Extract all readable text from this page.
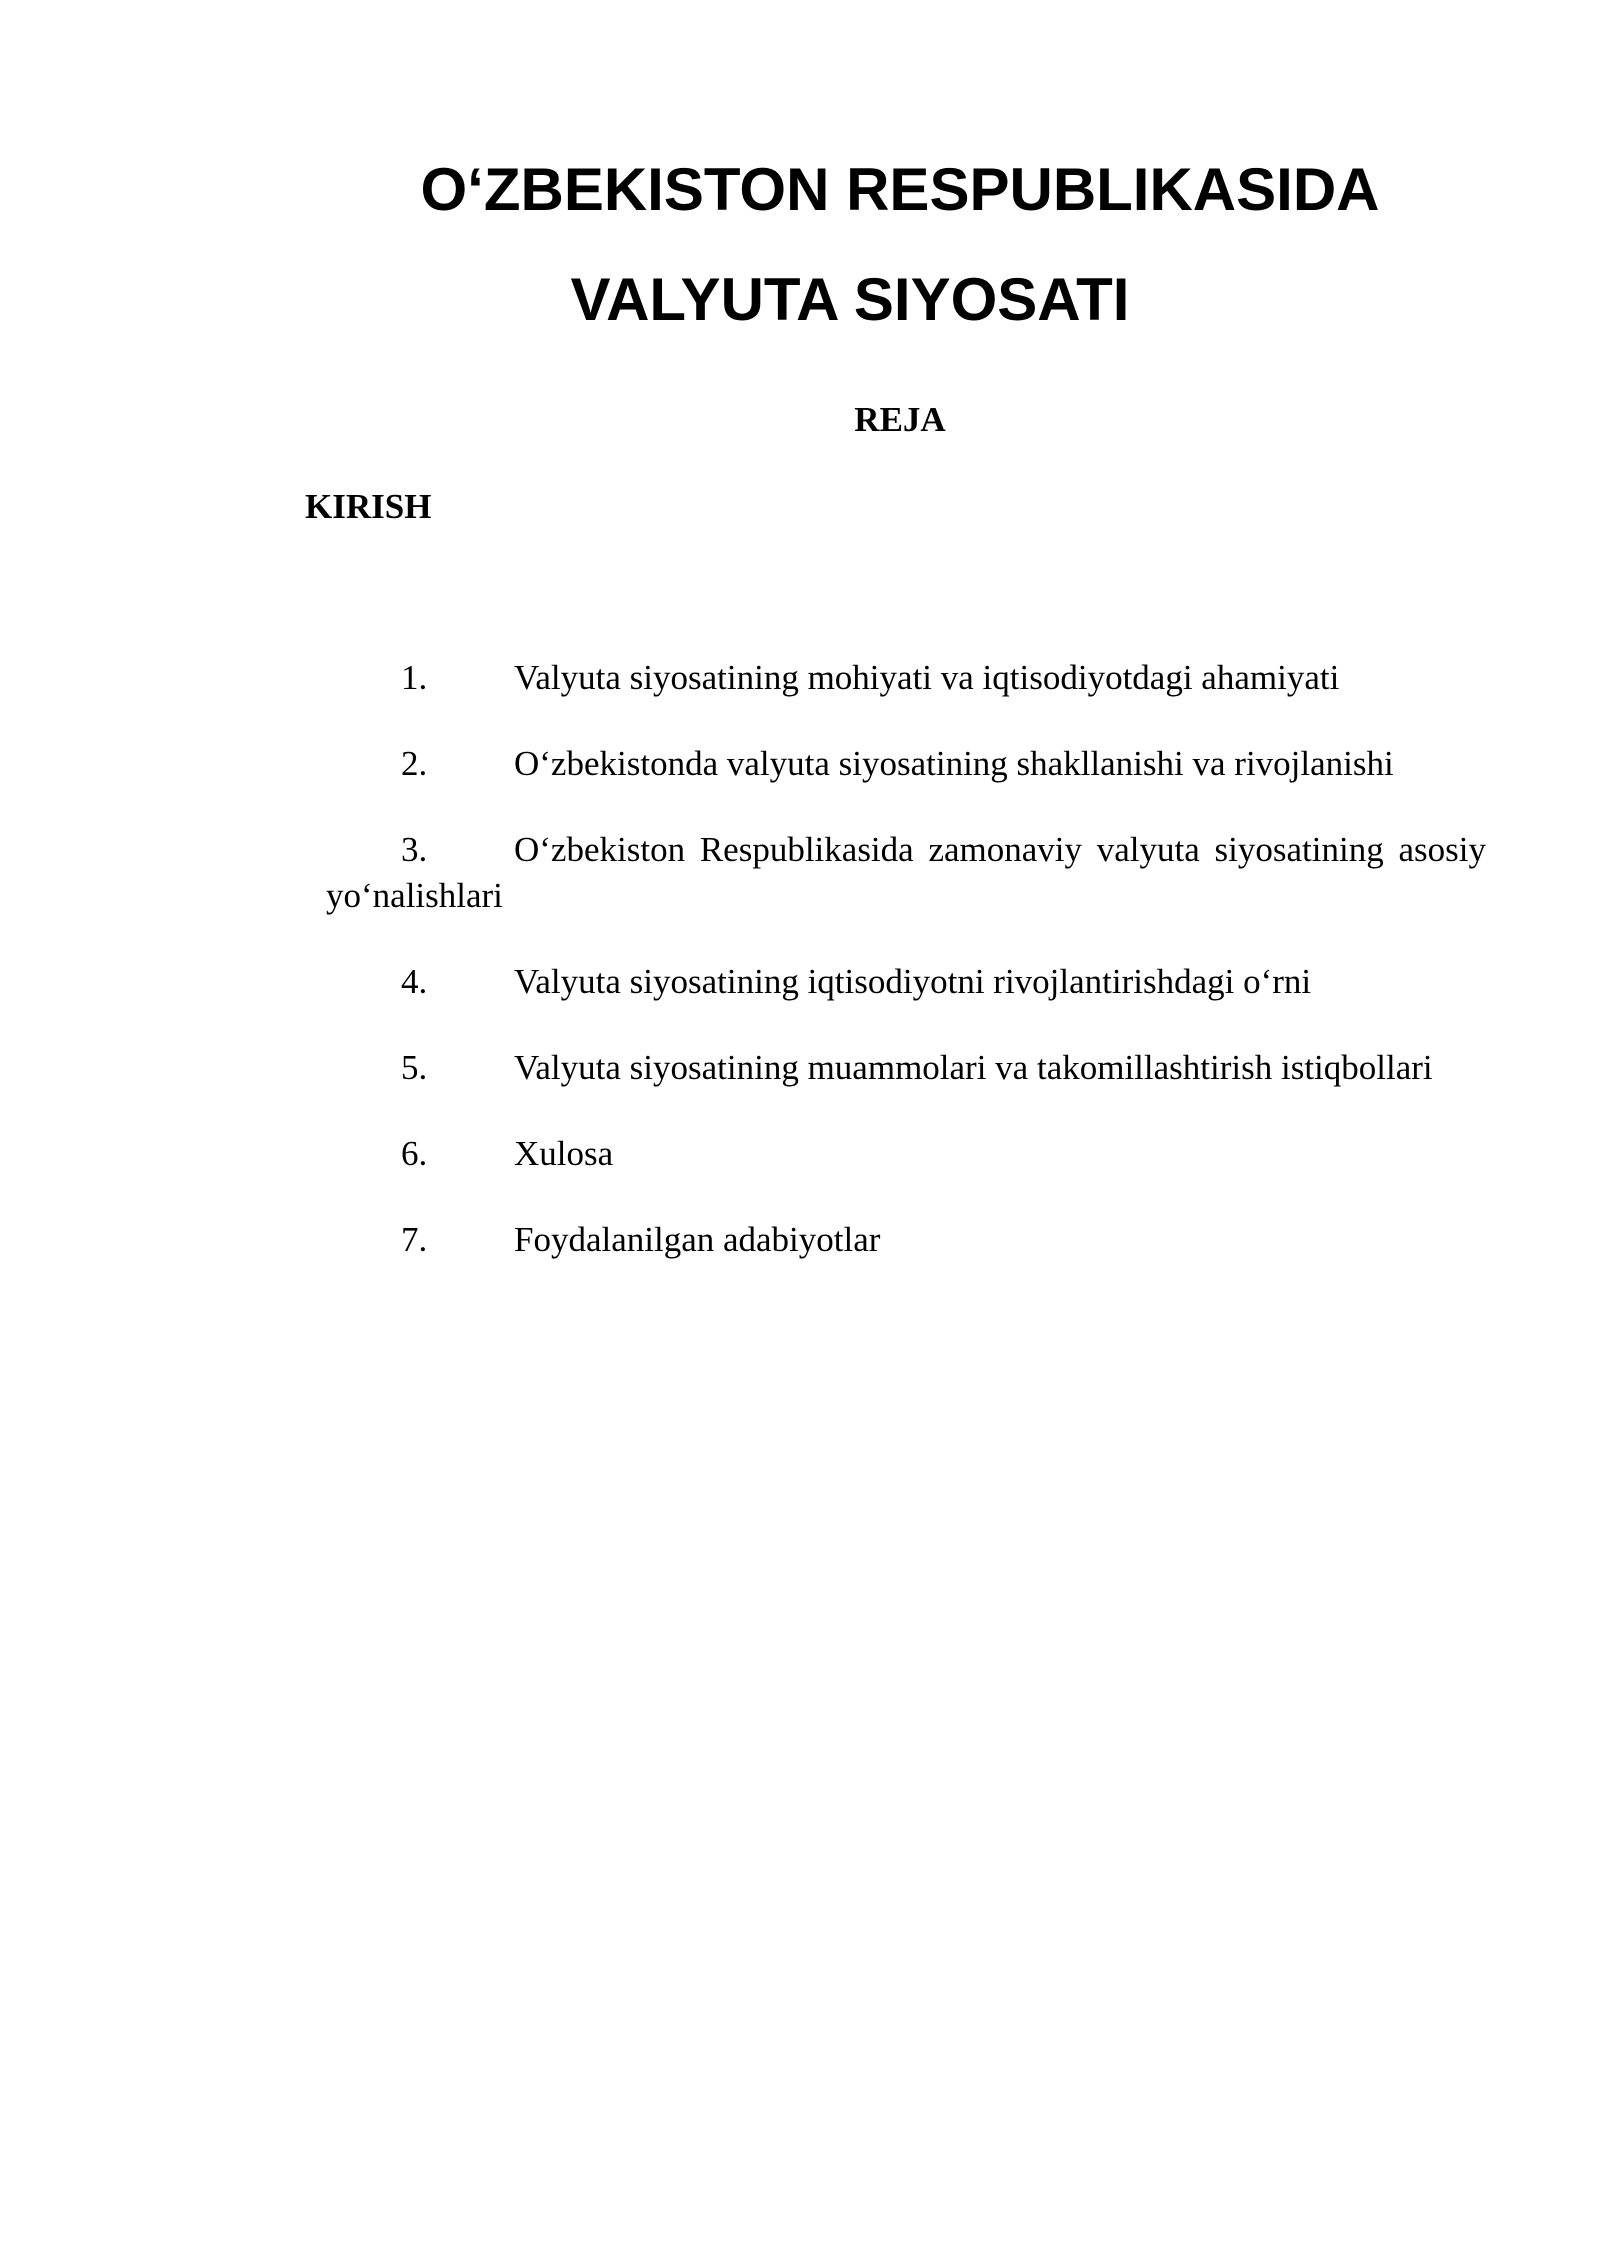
O‘ZBEKISTON RESPUBLIKASIDA
VALYUTA SIYOSATI
REJA
KIRISH
1. Valyuta siyosatining mohiyati va iqtisodiyotdagi ahamiyati
2. O‘zbekistonda valyuta siyosatining shakllanishi va rivojlanishi
3. O‘zbekiston Respublikasida zamonaviy valyuta siyosatining asosiy yo‘nalishlari
4. Valyuta siyosatining iqtisodiyotni rivojlantirishdagi o‘rni
5. Valyuta siyosatining muammolari va takomillashtirish istiqbollari
6. Xulosa
7. Foydalanilgan adabiyotlar
